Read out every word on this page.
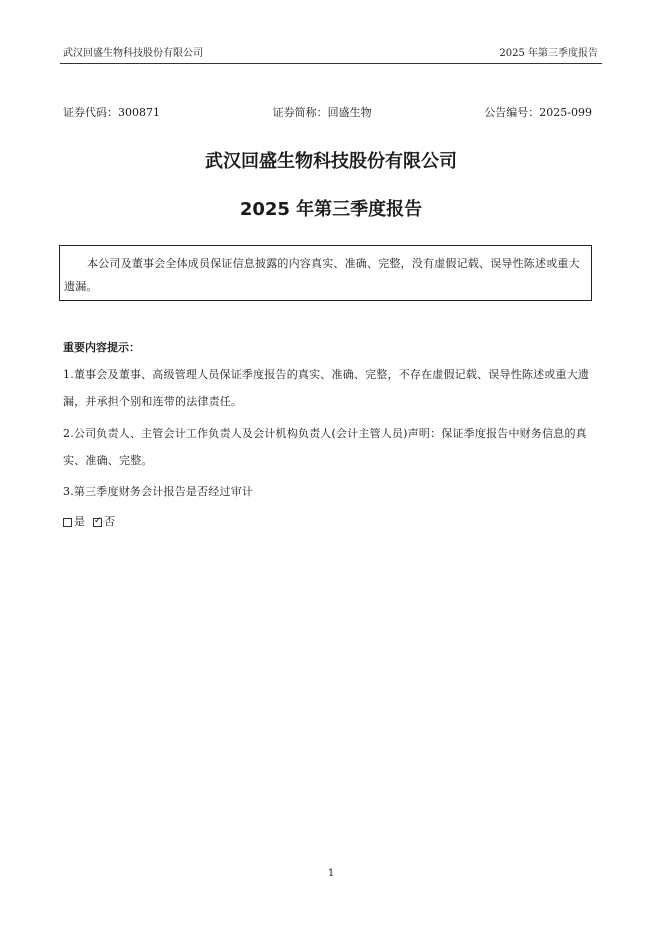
武汉回盛生物科技股份有限公司	2025 年第三季度报告
证券代码：300871	证券简称：回盛生物	公告编号：2025-099
武汉回盛生物科技股份有限公司
2025 年第三季度报告
本公司及董事会全体成员保证信息披露的内容真实、准确、完整，没有虚假记载、误导性陈述或重大遗漏。
重要内容提示：
1.董事会及董事、高级管理人员保证季度报告的真实、准确、完整，不存在虚假记载、误导性陈述或重大遗漏，并承担个别和连带的法律责任。
2.公司负责人、主管会计工作负责人及会计机构负责人(会计主管人员)声明：保证季度报告中财务信息的真实、准确、完整。
3.第三季度财务会计报告是否经过审计
是
✓ 否
1
